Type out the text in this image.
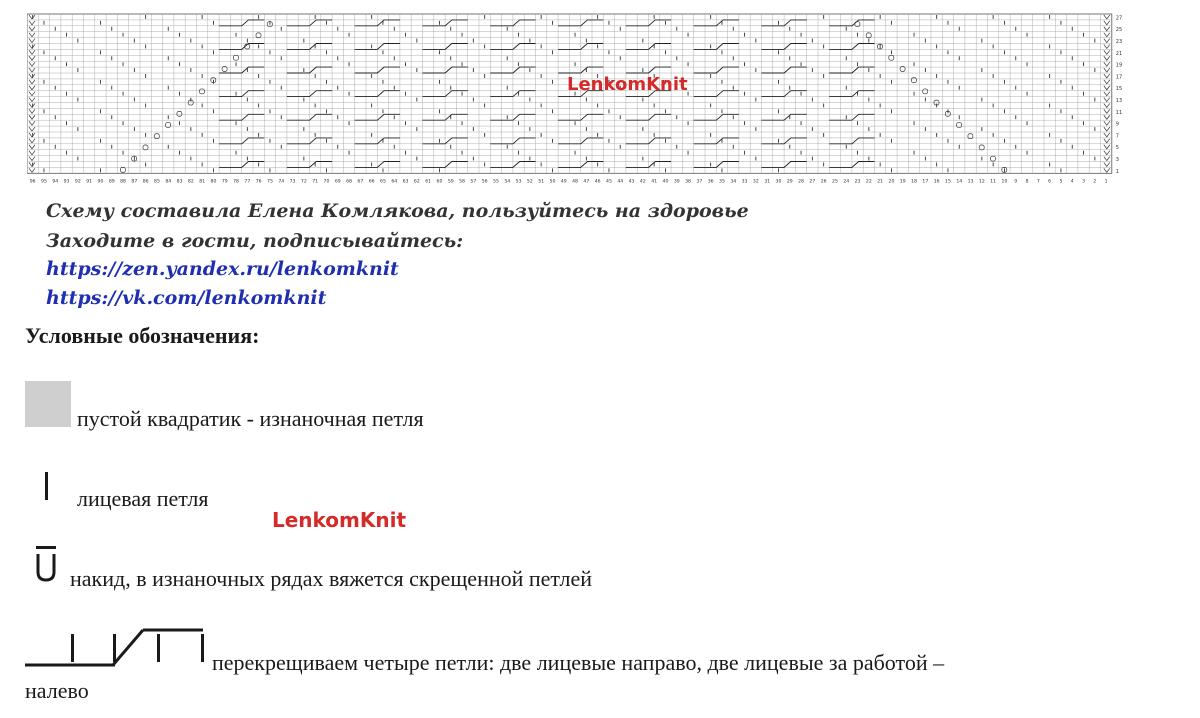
1
3
5
7
9
11
13
15
17
19
21
23
25
27
96 95 94 93 92 91 90 89 88 87 86 85 84 83 82 81 80 79 78 77 76 75 74 73 72 71 70 69 68 67 66 65 64 63 62 61 60 59 58 57 56 55 54 53 52 51 50 49 48 47 46 45 44 43 42 41 40 39 38 37 36 35 34 33 32 31 30 29 28 27 26 25 24 23 22 21 20 19 18 17 16 15 14 13 12 11 10 9 8 7 6 5 4 3 2 1
LenkomKnit
Схему составила Елена Комлякова, пользуйтесь на здоровье
Заходите в гости, подписывайтесь:
https://zen.yandex.ru/lenkomknit
https://vk.com/lenkomknit
Условные обозначения:
пустой квадратик - изнаночная петля
лицевая петля
LenkomKnit
накид, в изнаночных рядах вяжется скрещенной петлей
перекрещиваем четыре петли: две лицевые направо, две лицевые за работой –
налево
